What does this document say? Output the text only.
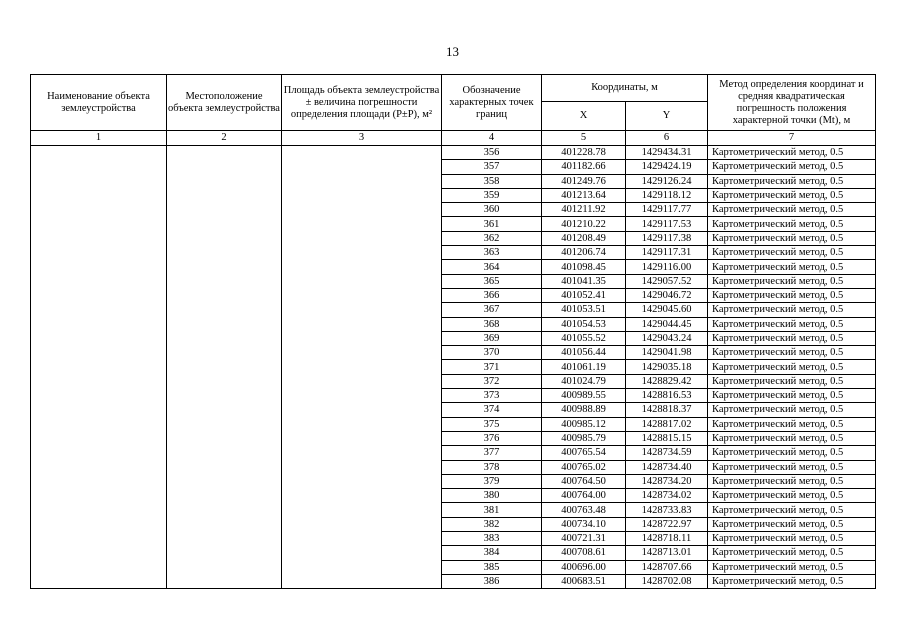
13
Наименование объекта землеустройства	Местоположение объекта землеустройства	Площадь объекта землеустройства ± величина погрешности определения площади (P±P), м²	Обозначение характерных точек границ	Координаты, м		Метод определения координат и средняя квадратическая погрешность положения характерной точки (Mt), м
				X	Y	
1	2	3	4	5	6	7
			356	401228.78	1429434.31	Картометрический метод, 0.5
			357	401182.66	1429424.19	Картометрический метод, 0.5
			358	401249.76	1429126.24	Картометрический метод, 0.5
			359	401213.64	1429118.12	Картометрический метод, 0.5
			360	401211.92	1429117.77	Картометрический метод, 0.5
			361	401210.22	1429117.53	Картометрический метод, 0.5
			362	401208.49	1429117.38	Картометрический метод, 0.5
			363	401206.74	1429117.31	Картометрический метод, 0.5
			364	401098.45	1429116.00	Картометрический метод, 0.5
			365	401041.35	1429057.52	Картометрический метод, 0.5
			366	401052.41	1429046.72	Картометрический метод, 0.5
			367	401053.51	1429045.60	Картометрический метод, 0.5
			368	401054.53	1429044.45	Картометрический метод, 0.5
			369	401055.52	1429043.24	Картометрический метод, 0.5
			370	401056.44	1429041.98	Картометрический метод, 0.5
			371	401061.19	1429035.18	Картометрический метод, 0.5
			372	401024.79	1428829.42	Картометрический метод, 0.5
			373	400989.55	1428816.53	Картометрический метод, 0.5
			374	400988.89	1428818.37	Картометрический метод, 0.5
			375	400985.12	1428817.02	Картометрический метод, 0.5
			376	400985.79	1428815.15	Картометрический метод, 0.5
			377	400765.54	1428734.59	Картометрический метод, 0.5
			378	400765.02	1428734.40	Картометрический метод, 0.5
			379	400764.50	1428734.20	Картометрический метод, 0.5
			380	400764.00	1428734.02	Картометрический метод, 0.5
			381	400763.48	1428733.83	Картометрический метод, 0.5
			382	400734.10	1428722.97	Картометрический метод, 0.5
			383	400721.31	1428718.11	Картометрический метод, 0.5
			384	400708.61	1428713.01	Картометрический метод, 0.5
			385	400696.00	1428707.66	Картометрический метод, 0.5
			386	400683.51	1428702.08	Картометрический метод, 0.5
